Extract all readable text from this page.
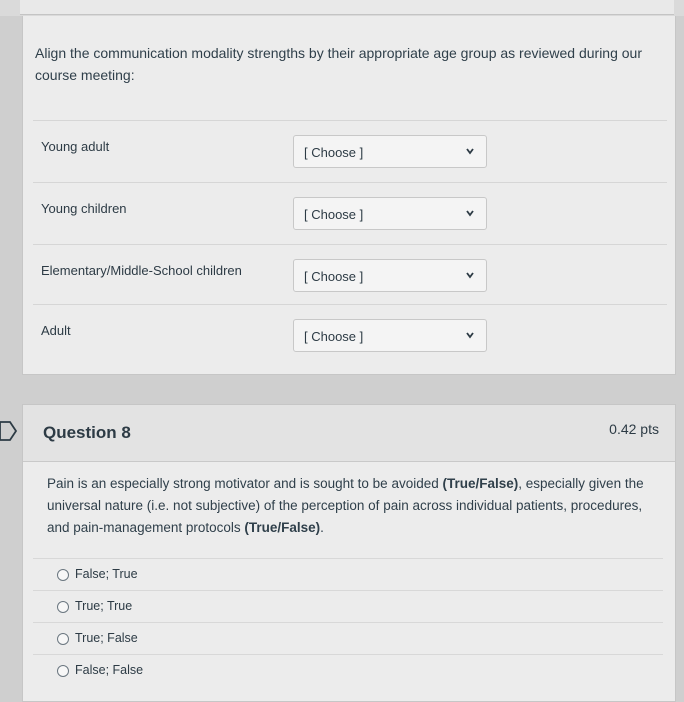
Align the communication modality strengths by their appropriate age group as reviewed during our course meeting:
Young adult	[ Choose ]
Young children	[ Choose ]
Elementary/Middle-School children	[ Choose ]
Adult	[ Choose ]
Question 8	0.42 pts
Pain is an especially strong motivator and is sought to be avoided (True/False), especially given the universal nature (i.e. not subjective) of the perception of pain across individual patients, procedures, and pain-management protocols (True/False).
False; True
True; True
True; False
False; False
